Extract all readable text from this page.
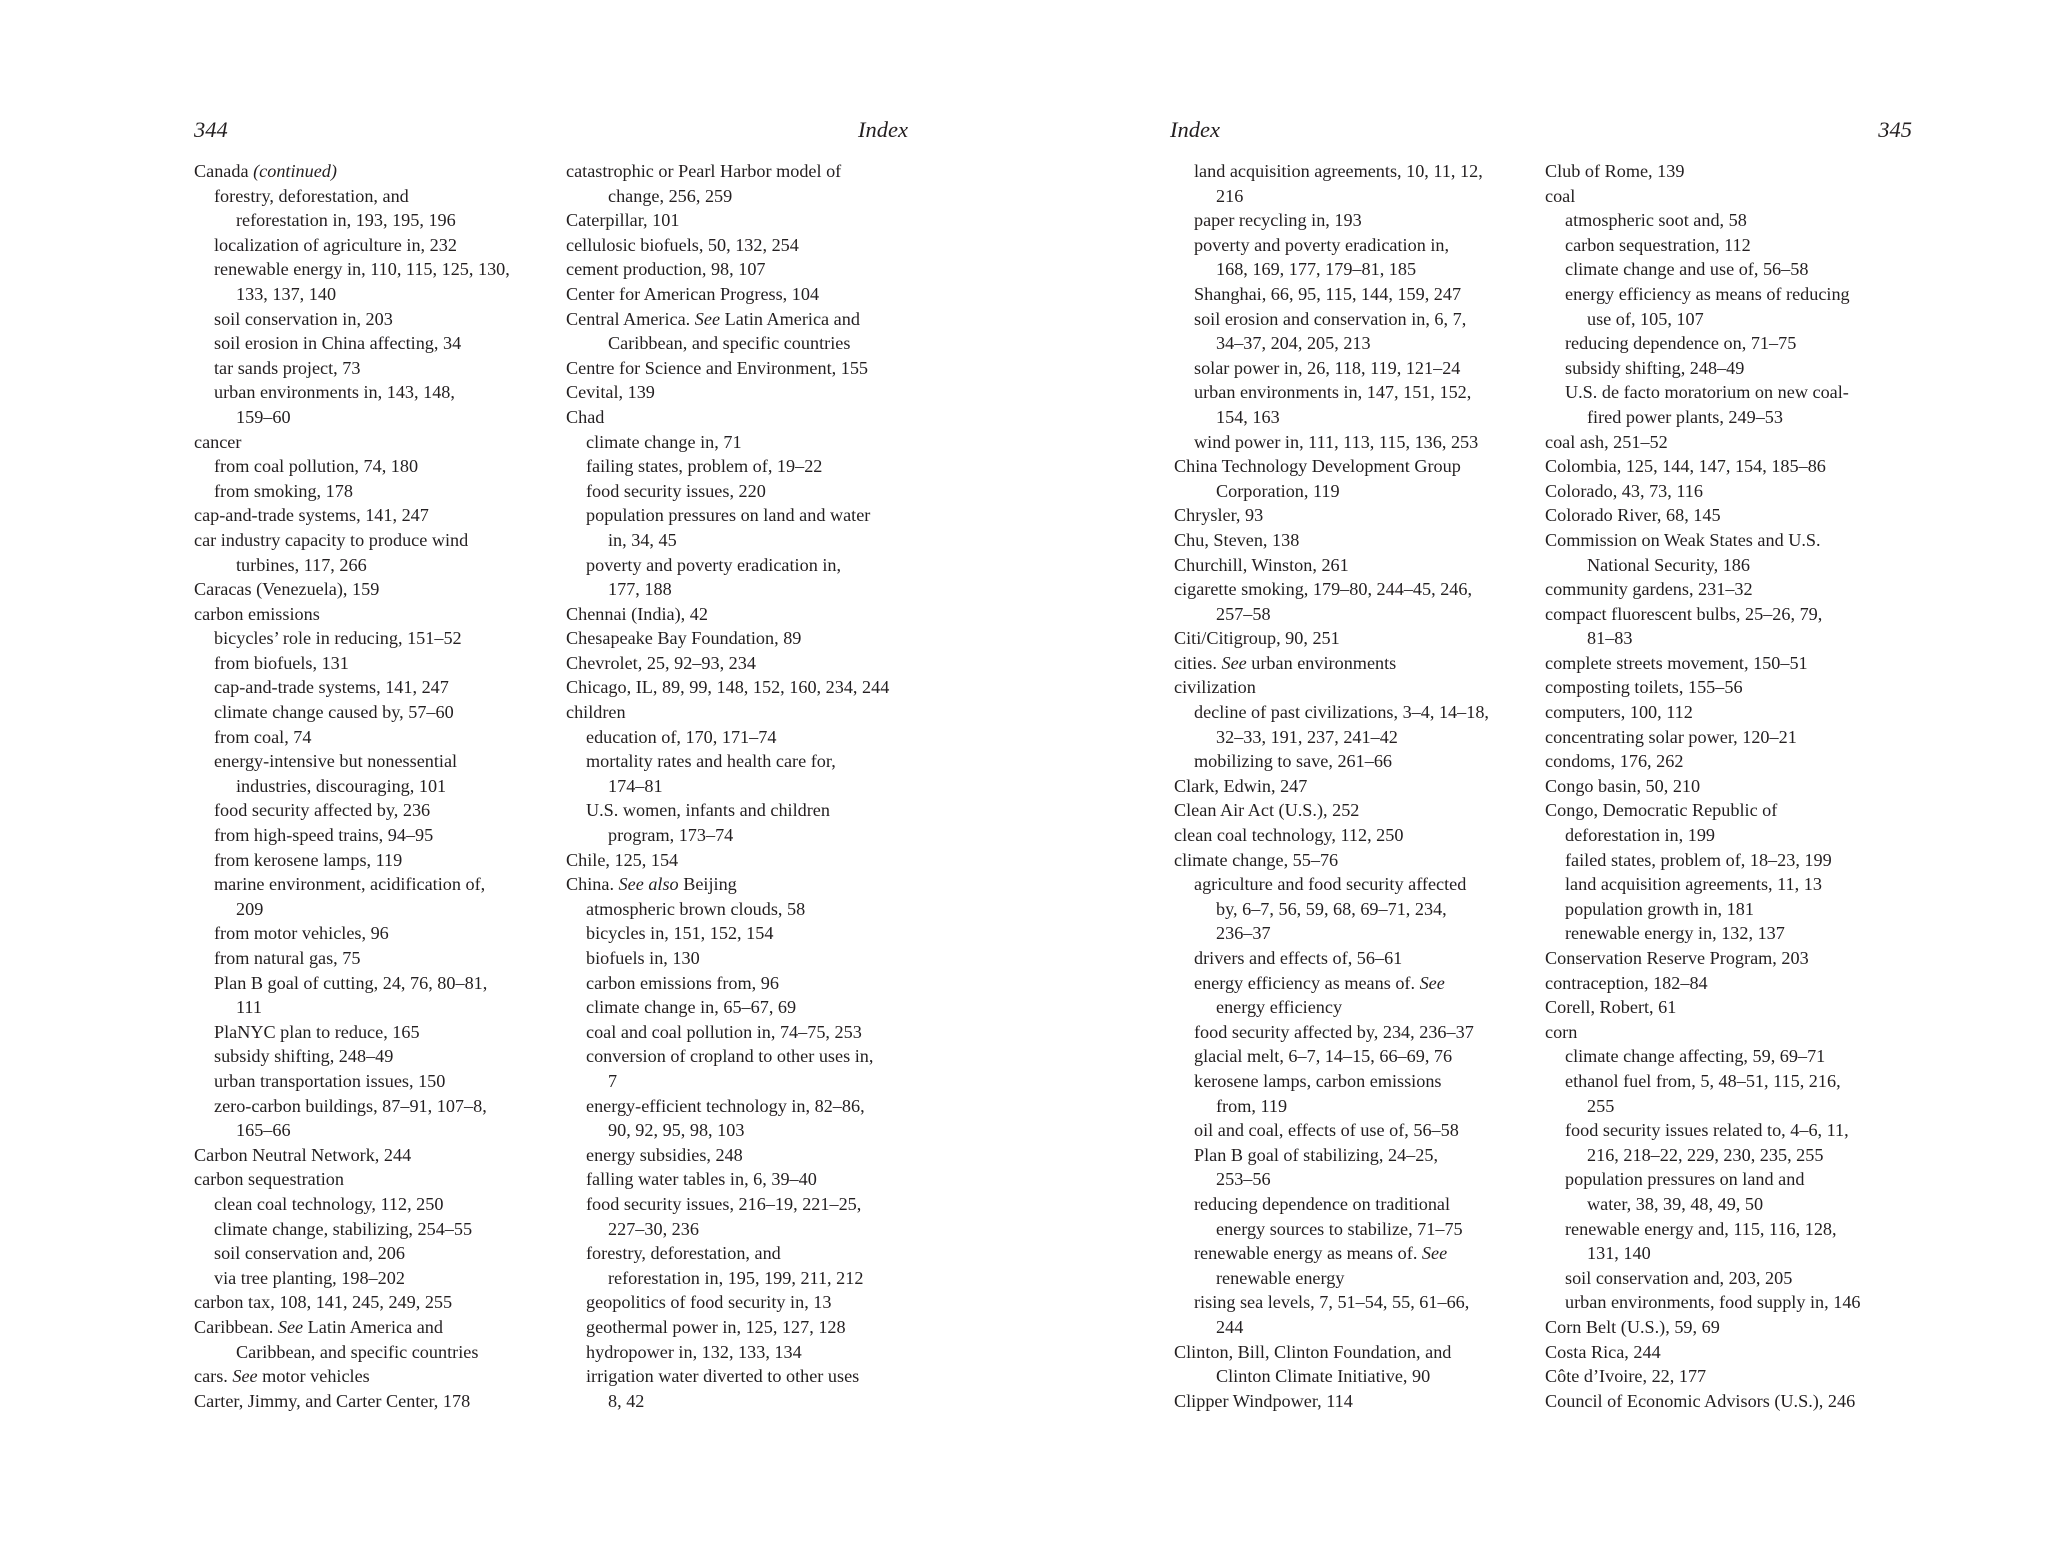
344	Index
Canada (continued)
forestry, deforestation, and
reforestation in, 193, 195, 196
localization of agriculture in, 232
renewable energy in, 110, 115, 125, 130,
133, 137, 140
soil conservation in, 203
soil erosion in China affecting, 34
tar sands project, 73
urban environments in, 143, 148,
159–60
cancer
from coal pollution, 74, 180
from smoking, 178
cap-and-trade systems, 141, 247
car industry capacity to produce wind
turbines, 117, 266
Caracas (Venezuela), 159
carbon emissions
bicycles’ role in reducing, 151–52
from biofuels, 131
cap-and-trade systems, 141, 247
climate change caused by, 57–60
from coal, 74
energy-intensive but nonessential
industries, discouraging, 101
food security affected by, 236
from high-speed trains, 94–95
from kerosene lamps, 119
marine environment, acidification of,
209
from motor vehicles, 96
from natural gas, 75
Plan B goal of cutting, 24, 76, 80–81,
111
PlaNYC plan to reduce, 165
subsidy shifting, 248–49
urban transportation issues, 150
zero-carbon buildings, 87–91, 107–8,
165–66
Carbon Neutral Network, 244
carbon sequestration
clean coal technology, 112, 250
climate change, stabilizing, 254–55
soil conservation and, 206
via tree planting, 198–202
carbon tax, 108, 141, 245, 249, 255
Caribbean. See Latin America and
Caribbean, and specific countries
cars. See motor vehicles
Carter, Jimmy, and Carter Center, 178
catastrophic or Pearl Harbor model of
change, 256, 259
Caterpillar, 101
cellulosic biofuels, 50, 132, 254
cement production, 98, 107
Center for American Progress, 104
Central America. See Latin America and
Caribbean, and specific countries
Centre for Science and Environment, 155
Cevital, 139
Chad
climate change in, 71
failing states, problem of, 19–22
food security issues, 220
population pressures on land and water
in, 34, 45
poverty and poverty eradication in,
177, 188
Chennai (India), 42
Chesapeake Bay Foundation, 89
Chevrolet, 25, 92–93, 234
Chicago, IL, 89, 99, 148, 152, 160, 234, 244
children
education of, 170, 171–74
mortality rates and health care for,
174–81
U.S. women, infants and children
program, 173–74
Chile, 125, 154
China. See also Beijing
atmospheric brown clouds, 58
bicycles in, 151, 152, 154
biofuels in, 130
carbon emissions from, 96
climate change in, 65–67, 69
coal and coal pollution in, 74–75, 253
conversion of cropland to other uses in,
7
energy-efficient technology in, 82–86,
90, 92, 95, 98, 103
energy subsidies, 248
falling water tables in, 6, 39–40
food security issues, 216–19, 221–25,
227–30, 236
forestry, deforestation, and
reforestation in, 195, 199, 211, 212
geopolitics of food security in, 13
geothermal power in, 125, 127, 128
hydropower in, 132, 133, 134
irrigation water diverted to other uses
8, 42
Index	345
land acquisition agreements, 10, 11, 12,
216
paper recycling in, 193
poverty and poverty eradication in,
168, 169, 177, 179–81, 185
Shanghai, 66, 95, 115, 144, 159, 247
soil erosion and conservation in, 6, 7,
34–37, 204, 205, 213
solar power in, 26, 118, 119, 121–24
urban environments in, 147, 151, 152,
154, 163
wind power in, 111, 113, 115, 136, 253
China Technology Development Group
Corporation, 119
Chrysler, 93
Chu, Steven, 138
Churchill, Winston, 261
cigarette smoking, 179–80, 244–45, 246,
257–58
Citi/Citigroup, 90, 251
cities. See urban environments
civilization
decline of past civilizations, 3–4, 14–18,
32–33, 191, 237, 241–42
mobilizing to save, 261–66
Clark, Edwin, 247
Clean Air Act (U.S.), 252
clean coal technology, 112, 250
climate change, 55–76
agriculture and food security affected
by, 6–7, 56, 59, 68, 69–71, 234,
236–37
drivers and effects of, 56–61
energy efficiency as means of. See
energy efficiency
food security affected by, 234, 236–37
glacial melt, 6–7, 14–15, 66–69, 76
kerosene lamps, carbon emissions
from, 119
oil and coal, effects of use of, 56–58
Plan B goal of stabilizing, 24–25,
253–56
reducing dependence on traditional
energy sources to stabilize, 71–75
renewable energy as means of. See
renewable energy
rising sea levels, 7, 51–54, 55, 61–66,
244
Clinton, Bill, Clinton Foundation, and
Clinton Climate Initiative, 90
Clipper Windpower, 114
Club of Rome, 139
coal
atmospheric soot and, 58
carbon sequestration, 112
climate change and use of, 56–58
energy efficiency as means of reducing
use of, 105, 107
reducing dependence on, 71–75
subsidy shifting, 248–49
U.S. de facto moratorium on new coal-
fired power plants, 249–53
coal ash, 251–52
Colombia, 125, 144, 147, 154, 185–86
Colorado, 43, 73, 116
Colorado River, 68, 145
Commission on Weak States and U.S.
National Security, 186
community gardens, 231–32
compact fluorescent bulbs, 25–26, 79,
81–83
complete streets movement, 150–51
composting toilets, 155–56
computers, 100, 112
concentrating solar power, 120–21
condoms, 176, 262
Congo basin, 50, 210
Congo, Democratic Republic of
deforestation in, 199
failed states, problem of, 18–23, 199
land acquisition agreements, 11, 13
population growth in, 181
renewable energy in, 132, 137
Conservation Reserve Program, 203
contraception, 182–84
Corell, Robert, 61
corn
climate change affecting, 59, 69–71
ethanol fuel from, 5, 48–51, 115, 216,
255
food security issues related to, 4–6, 11,
216, 218–22, 229, 230, 235, 255
population pressures on land and
water, 38, 39, 48, 49, 50
renewable energy and, 115, 116, 128,
131, 140
soil conservation and, 203, 205
urban environments, food supply in, 146
Corn Belt (U.S.), 59, 69
Costa Rica, 244
Côte d’Ivoire, 22, 177
Council of Economic Advisors (U.S.), 246
